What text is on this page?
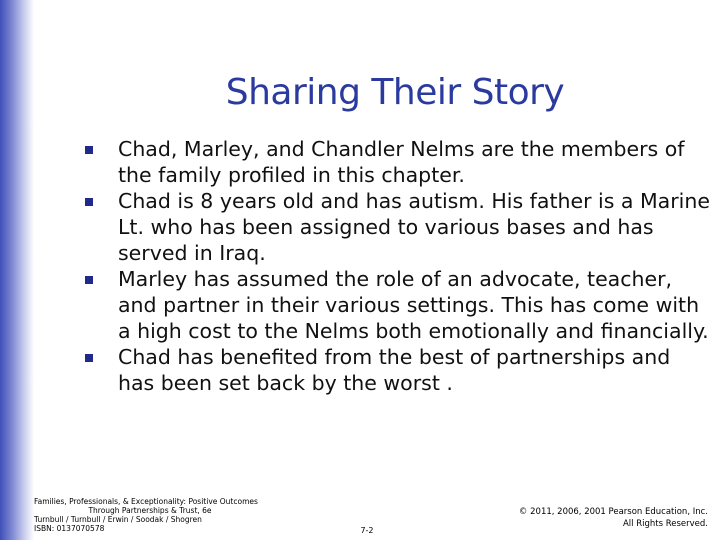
Sharing Their Story
Chad, Marley, and Chandler Nelms are the members of the family profiled in this chapter.
Chad is 8 years old and has autism. His father is a Marine Lt. who has been assigned to various bases and has served in Iraq.
Marley has assumed the role of an advocate, teacher, and partner in their various settings. This has come with a high cost to the Nelms both emotionally and financially.
Chad has benefited from the best of partnerships and has been set back by the worst .
Families, Professionals, & Exceptionality: Positive Outcomes
Through Partnerships & Trust, 6e
Turnbull / Turnbull / Erwin / Soodak / Shogren
ISBN: 0137070578	7-2
© 2011, 2006, 2001 Pearson Education, Inc.
All Rights Reserved.
